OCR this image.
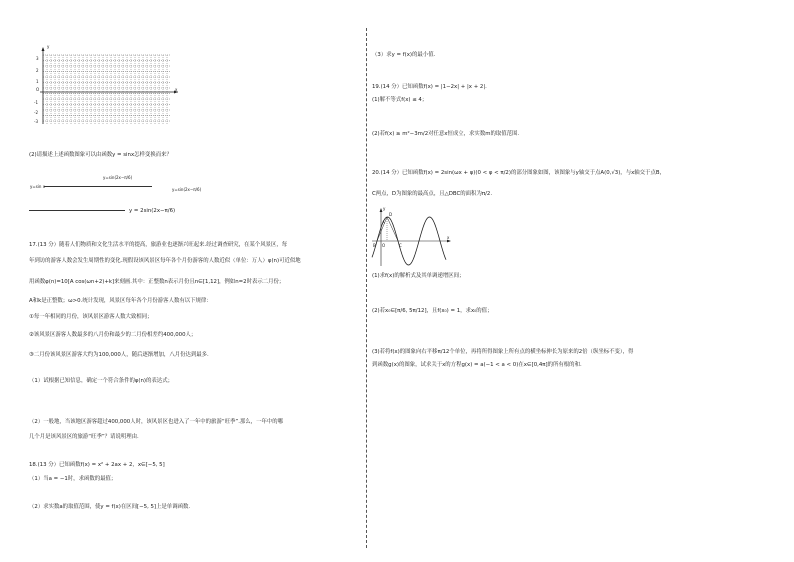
y
x
O
3
2
1
-1
-2
-3
(2)请描述上述函数图象可以由函数y = sinx怎样变换而来？
y=sin(2x−π/6)
y=sin x
y=sin(2x−π/6)
y = 2sin(2x−π/6)
17.(13 分）随着人们物质和文化生活水平的提高，旅游业也逐渐兴旺起来.经过调查研究，在某个风景区，每
年到访的游客人数会发生周期性的变化.现假设该风景区每年各个月份游客的人数近似（单位：万人）φ(n)可近似地
用函数φ(n)=10[A cos(ωn+2)+k]来刻画.其中：正整数n表示月份且n∈[1,12]，例如n=2时表示二月份；
A和k是正整数；ω>0.统计发现，风景区每年各个月份游客人数有以下规律：
①每一年相同的月份，该风景区游客人数大致相同；
②该风景区游客人数最多的八月份和最少的二月份相差约400,000人；
③二月份该风景区游客大约为100,000人，随后逐渐增加，八月份达到最多.
（1）试根据已知信息，确定一个符合条件的φ(n)的表达式；
（2）一般地，当该地区游客超过400,000人时，该风景区也进入了一年中的旅游“旺季”.那么，一年中的哪
几个月是该风景区的旅游“旺季”？请说明理由.
18.(13 分）已知函数f(x) = x² + 2ax + 2，x∈[−5, 5]
（1）当a = −1时，求函数的最值；
（2）求实数a的取值范围，使y = f(x)在区间[−5, 5]上是单调函数.
（3）求y = f(x)的最小值.
19.(14 分）已知函数f(x) = |1−2x| + |x + 2|.
(1)解不等式f(x) ≤ 4；
(2)若f(x) ≥ m²−3m/2对任意x恒成立，求实数m的取值范围.
20.(14 分）已知函数f(x) = 2sin(ωx + φ)(0 < φ < π/2)的部分图象如图，该图象与y轴交于点A(0,√3)，与x轴交于点B，
C两点，D为图象的最高点，且△DBC的面积为π/2.
y
x
D
A
O
B	C
(1)求f(x)的解析式及其单调递增区间；
(2)若x₀∈[π/6, 5π/12]，且f(x₀) = 1，求x₀的值；
(3)若将f(x)的图象向右平移π/12个单位，再将所得图象上所有点的横坐标伸长为原来的2倍（纵坐标不变），得
到函数g(x)的图象，试求关于x的方程g(x) = a(−1 < a < 0)在x∈[0,4π]的所有根的和.
